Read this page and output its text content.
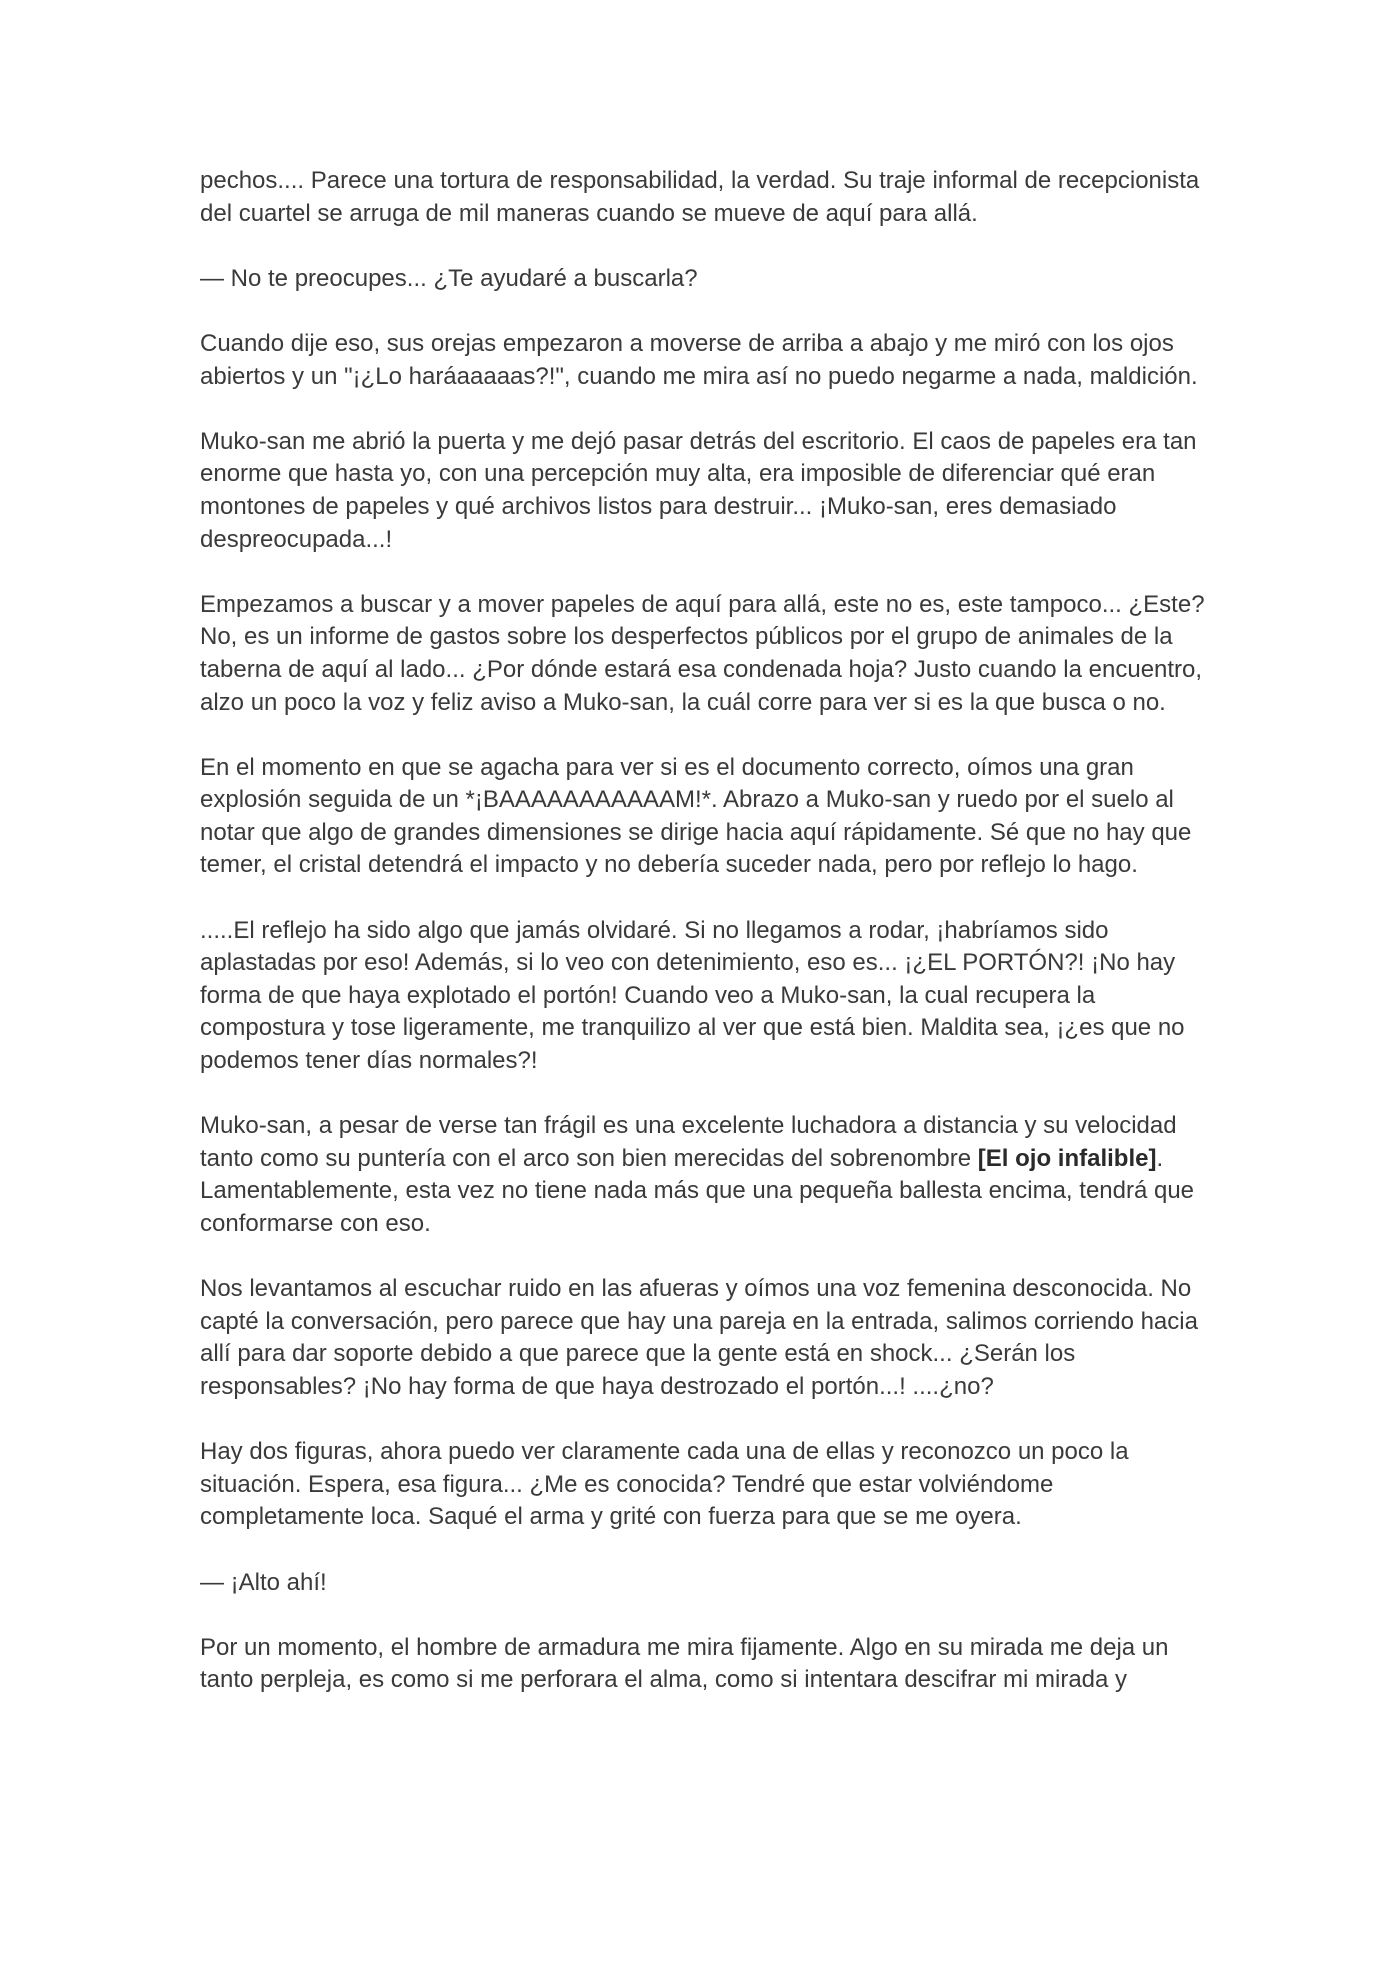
pechos.... Parece una tortura de responsabilidad, la verdad. Su traje informal de recepcionista del cuartel se arruga de mil maneras cuando se mueve de aquí para allá.

— No te preocupes... ¿Te ayudaré a buscarla?

Cuando dije eso, sus orejas empezaron a moverse de arriba a abajo y me miró con los ojos abiertos y un "¡¿Lo haráaaaaas?!", cuando me mira así no puedo negarme a nada, maldición.

Muko-san me abrió la puerta y me dejó pasar detrás del escritorio. El caos de papeles era tan enorme que hasta yo, con una percepción muy alta, era imposible de diferenciar qué eran montones de papeles y qué archivos listos para destruir... ¡Muko-san, eres demasiado despreocupada...!

Empezamos a buscar y a mover papeles de aquí para allá, este no es, este tampoco... ¿Este? No, es un informe de gastos sobre los desperfectos públicos por el grupo de animales de la taberna de aquí al lado... ¿Por dónde estará esa condenada hoja? Justo cuando la encuentro, alzo un poco la voz y feliz aviso a Muko-san, la cuál corre para ver si es la que busca o no.

En el momento en que se agacha para ver si es el documento correcto, oímos una gran explosión seguida de un *¡BAAAAAAAAAAAM!*. Abrazo a Muko-san y ruedo por el suelo al notar que algo de grandes dimensiones se dirige hacia aquí rápidamente. Sé que no hay que temer, el cristal detendrá el impacto y no debería suceder nada, pero por reflejo lo hago.

.....El reflejo ha sido algo que jamás olvidaré. Si no llegamos a rodar, ¡habríamos sido aplastadas por eso! Además, si lo veo con detenimiento, eso es... ¡¿EL PORTÓN?! ¡No hay forma de que haya explotado el portón! Cuando veo a Muko-san, la cual recupera la compostura y tose ligeramente, me tranquilizo al ver que está bien. Maldita sea, ¡¿es que no podemos tener días normales?!

Muko-san, a pesar de verse tan frágil es una excelente luchadora a distancia y su velocidad tanto como su puntería con el arco son bien merecidas del sobrenombre [El ojo infalible]. Lamentablemente, esta vez no tiene nada más que una pequeña ballesta encima, tendrá que conformarse con eso.

Nos levantamos al escuchar ruido en las afueras y oímos una voz femenina desconocida. No capté la conversación, pero parece que hay una pareja en la entrada, salimos corriendo hacia allí para dar soporte debido a que parece que la gente está en shock... ¿Serán los responsables? ¡No hay forma de que haya destrozado el portón...! ....¿no?

Hay dos figuras, ahora puedo ver claramente cada una de ellas y reconozco un poco la situación. Espera, esa figura... ¿Me es conocida? Tendré que estar volviéndome completamente loca. Saqué el arma y grité con fuerza para que se me oyera.

— ¡Alto ahí!

Por un momento, el hombre de armadura me mira fijamente. Algo en su mirada me deja un tanto perpleja, es como si me perforara el alma, como si intentara descifrar mi mirada y
